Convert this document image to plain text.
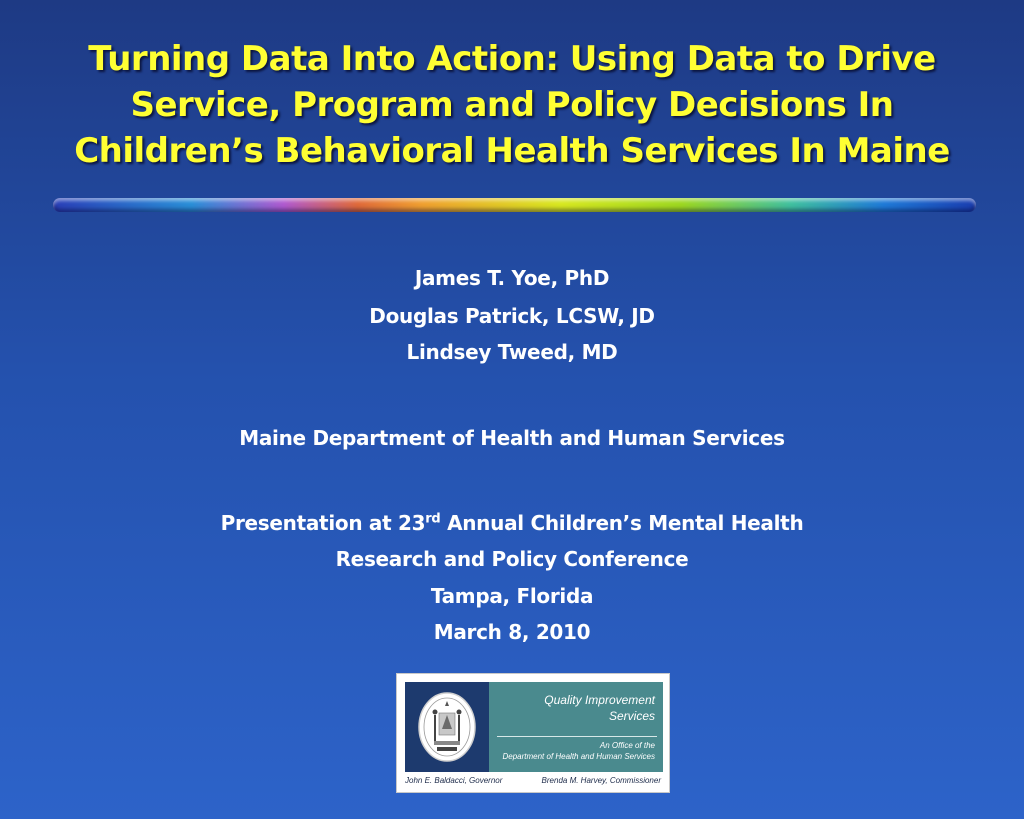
Turning Data Into Action: Using Data to Drive
Service, Program and Policy Decisions In
Children’s Behavioral Health Services In Maine
James T. Yoe, PhD
Douglas Patrick, LCSW, JD
Lindsey Tweed, MD
Maine Department of Health and Human Services
Presentation at 23rd Annual Children’s Mental Health
Research and Policy Conference
Tampa, Florida
March 8, 2010
Quality Improvement
Services
An Office of the
Department of Health and Human Services
John E. Baldacci, Governor	Brenda M. Harvey, Commissioner
